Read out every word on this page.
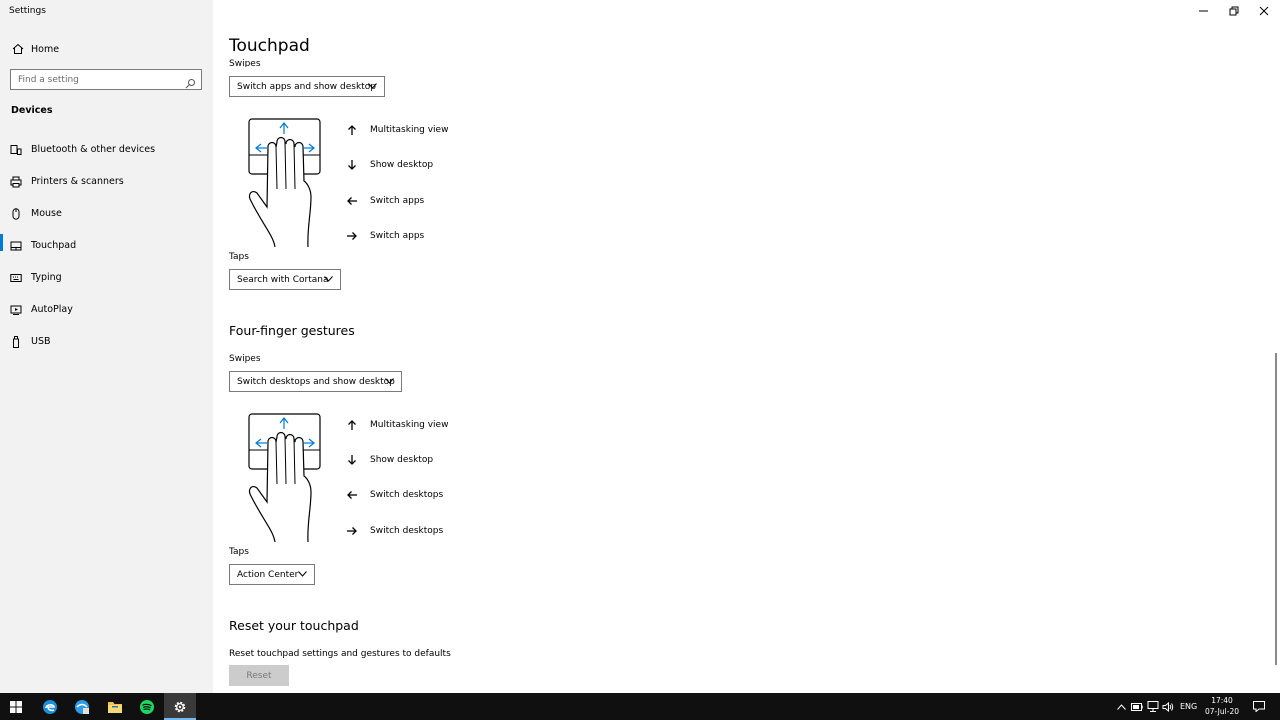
Settings
Home
Find a setting
Devices
Bluetooth & other devices
Printers & scanners
Mouse
Touchpad
Typing
AutoPlay
USB
Touchpad
Swipes
Switch apps and show desktop
Multitasking view
Show desktop
Switch apps
Switch apps
Taps
Search with Cortana
Four-finger gestures
Swipes
Switch desktops and show desktop
Multitasking view
Show desktop
Switch desktops
Switch desktops
Taps
Action Center
Reset your touchpad
Reset touchpad settings and gestures to defaults
Reset
ENG
17:40
07-Jul-20
